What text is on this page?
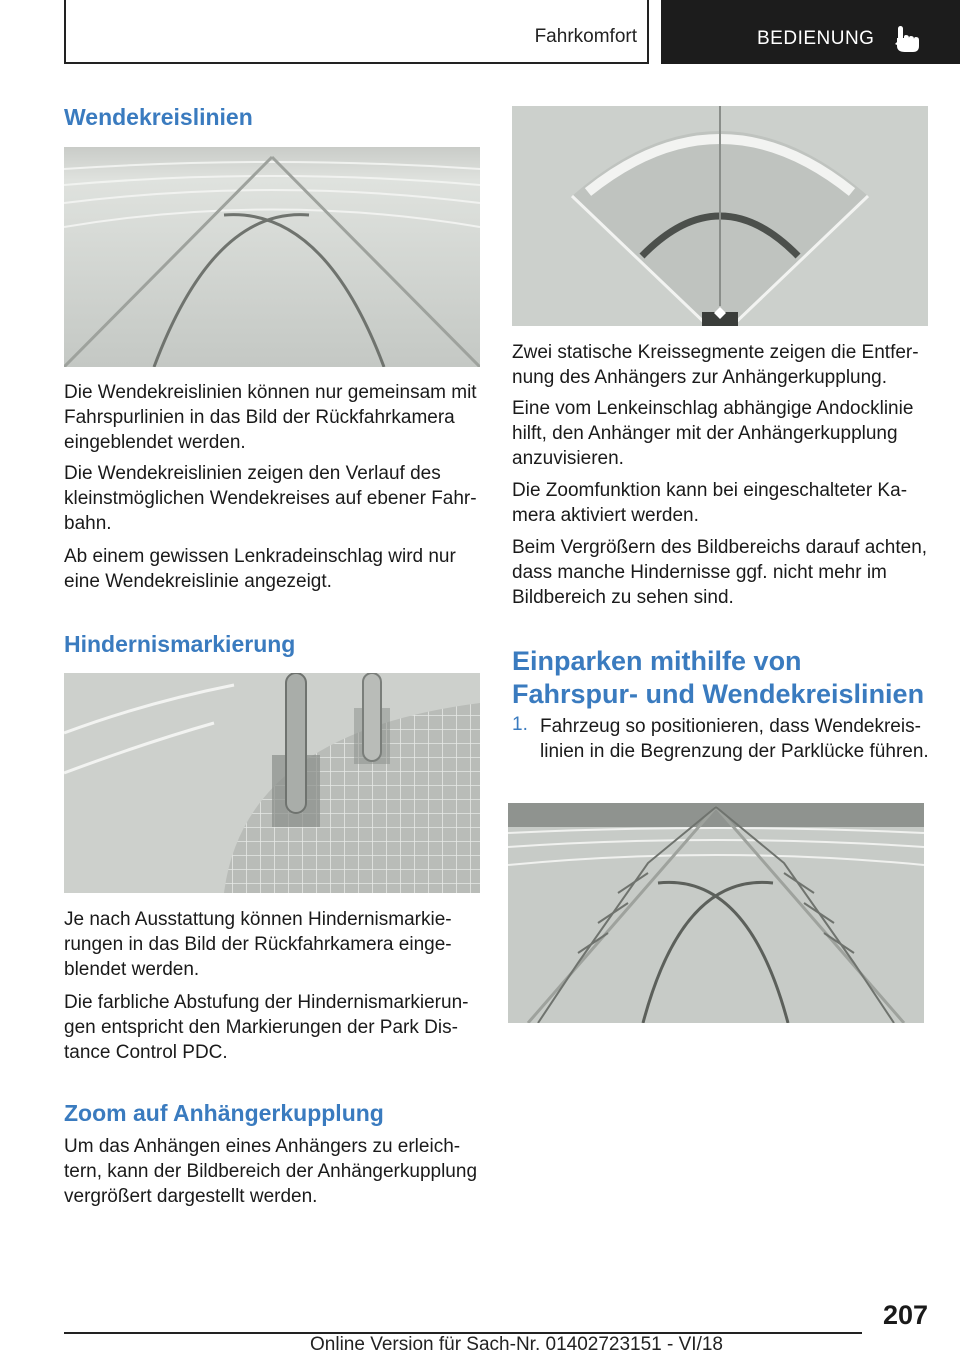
Fahrkomfort	BEDIENUNG
Wendekreislinien

Die Wendekreislinien können nur gemeinsam mit Fahrspurlinien in das Bild der Rückfahrkamera eingeblendet werden.

Die Wendekreislinien zeigen den Verlauf des kleinstmöglichen Wendekreises auf ebener Fahrbahn.

Ab einem gewissen Lenkradeinschlag wird nur eine Wendekreislinie angezeigt.

Hindernismarkierung

Je nach Ausstattung können Hindernismarkierungen in das Bild der Rückfahrkamera eingeblendet werden.

Die farbliche Abstufung der Hindernismarkierungen entspricht den Markierungen der Park Distance Control PDC.

Zoom auf Anhängerkupplung

Um das Anhängen eines Anhängers zu erleichtern, kann der Bildbereich der Anhängerkupplung vergrößert dargestellt werden.

Zwei statische Kreissegmente zeigen die Entfernung des Anhängers zur Anhängerkupplung.

Eine vom Lenkeinschlag abhängige Andocklinie hilft, den Anhänger mit der Anhängerkupplung anzuvisieren.

Die Zoomfunktion kann bei eingeschalteter Kamera aktiviert werden.

Beim Vergrößern des Bildbereichs darauf achten, dass manche Hindernisse ggf. nicht mehr im Bildbereich zu sehen sind.

Einparken mithilfe von Fahrspur- und Wendekreislinien
1. Fahrzeug so positionieren, dass Wendekreislinien in die Begrenzung der Parklücke führen.

207
Online Version für Sach-Nr. 01402723151 - VI/18
